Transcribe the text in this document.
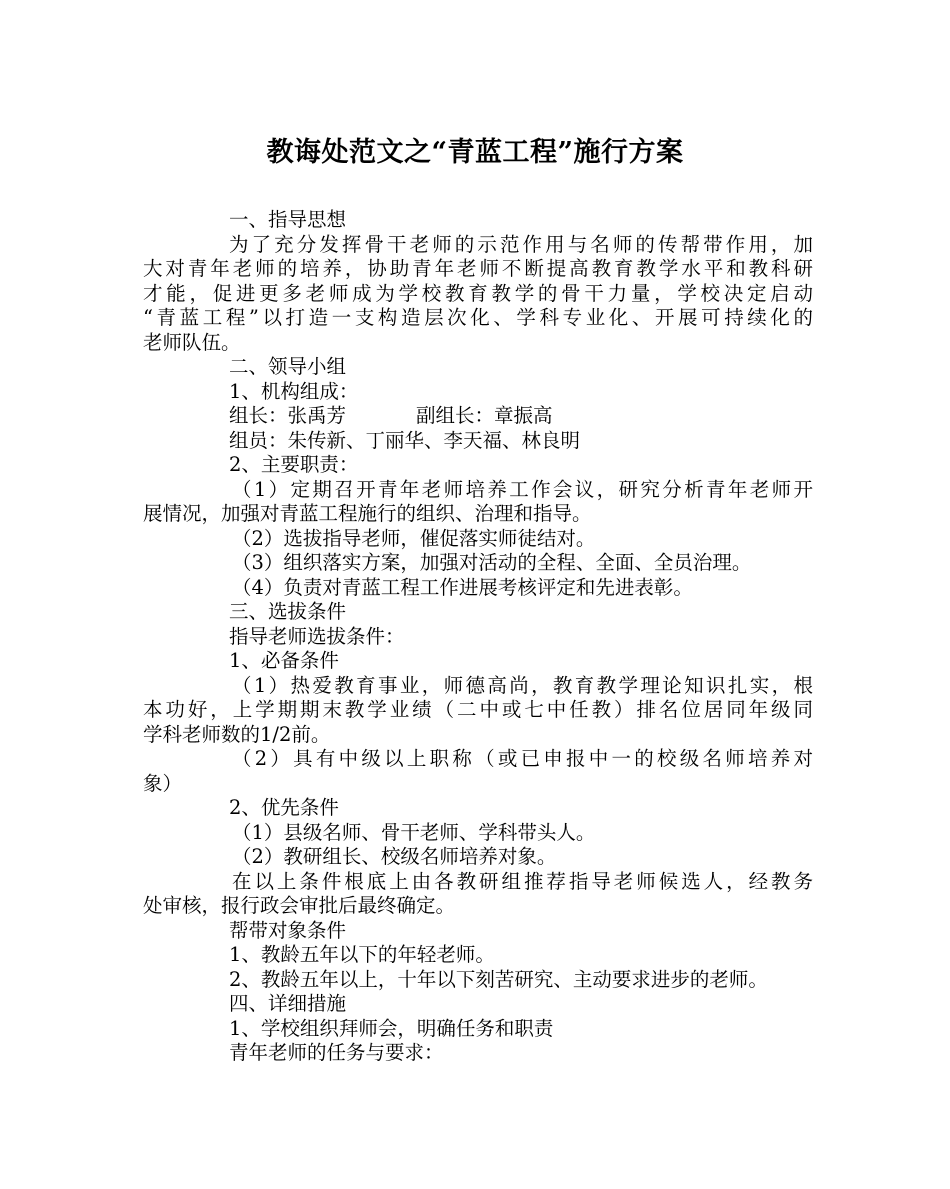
教诲处范文之“青蓝工程”施行方案

一、指导思想

为了充分发挥骨干老师的示范作用与名师的传帮带作用，加

大对青年老师的培养，协助青年老师不断提高教育教学水平和教科研

才能，促进更多老师成为学校教育教学的骨干力量，学校决定启动

“青蓝工程”以打造一支构造层次化、学科专业化、开展可持续化的

老师队伍。

二、领导小组

1、机构组成：

组长：张禹芳	副组长：章振高

组员：朱传新、丁丽华、李天福、林良明

2、主要职责：

（1）定期召开青年老师培养工作会议，研究分析青年老师开

展情况，加强对青蓝工程施行的组织、治理和指导。

（2）选拔指导老师，催促落实师徒结对。

（3）组织落实方案，加强对活动的全程、全面、全员治理。

（4）负责对青蓝工程工作进展考核评定和先进表彰。

三、选拔条件

指导老师选拔条件：

1、必备条件

（1）热爱教育事业，师德高尚，教育教学理论知识扎实，根

本功好，上学期期末教学业绩（二中或七中任教）排名位居同年级同

学科老师数的1/2前。

（2）具有中级以上职称（或已申报中一的校级名师培养对

象）

2、优先条件

（1）县级名师、骨干老师、学科带头人。

（2）教研组长、校级名师培养对象。

在以上条件根底上由各教研组推荐指导老师候选人，经教务

处审核，报行政会审批后最终确定。

帮带对象条件

1、教龄五年以下的年轻老师。

2、教龄五年以上，十年以下刻苦研究、主动要求进步的老师。

四、详细措施

1、学校组织拜师会，明确任务和职责

青年老师的任务与要求：
